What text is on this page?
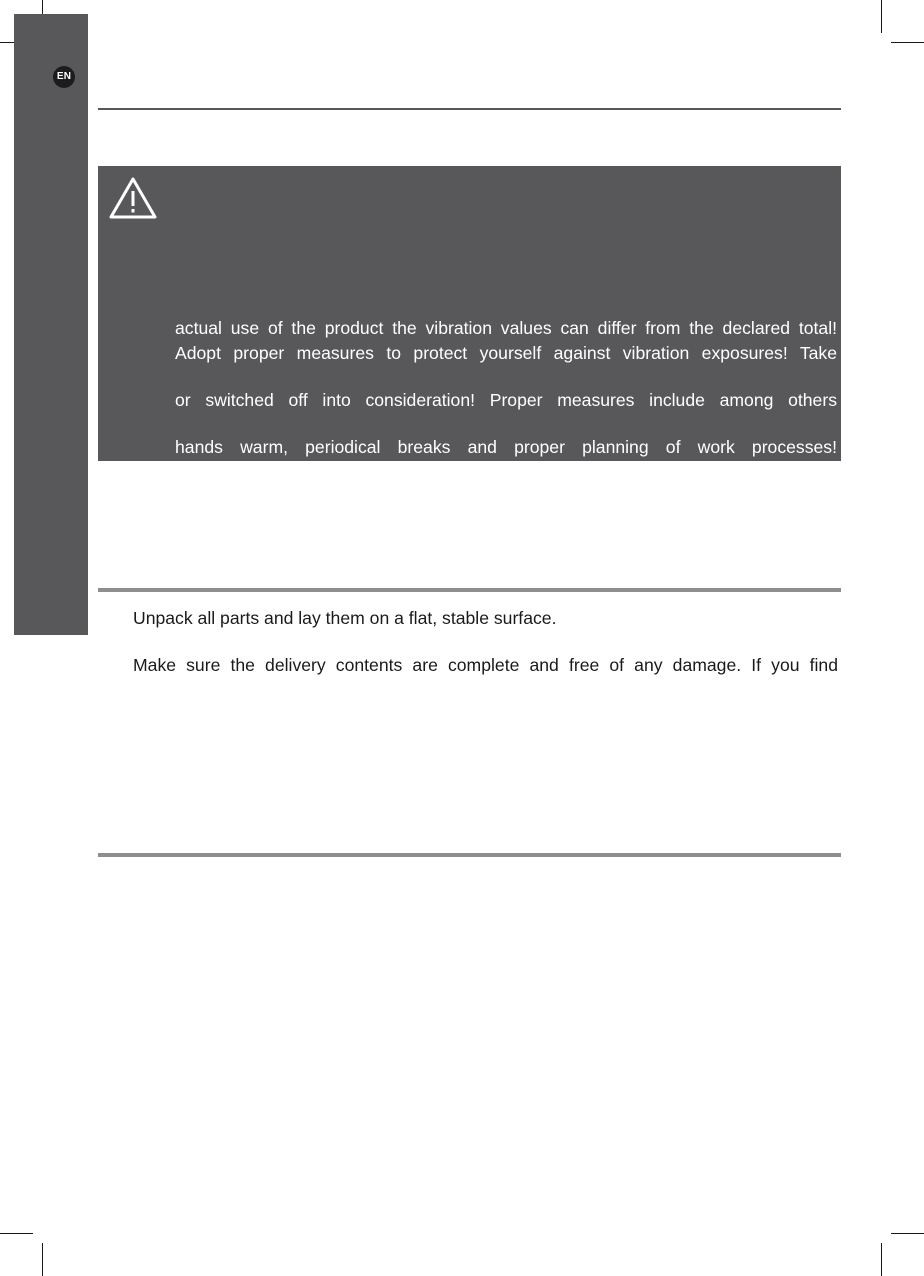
EN
actual use of the product the vibration values can differ from the declared total!
Adopt proper measures to protect yourself against vibration exposures! Take
or switched off into consideration! Proper measures include among others
hands warm, periodical breaks and proper planning of work processes!
Unpack all parts and lay them on a flat, stable surface.
Make sure the delivery contents are complete and free of any damage. If you find
